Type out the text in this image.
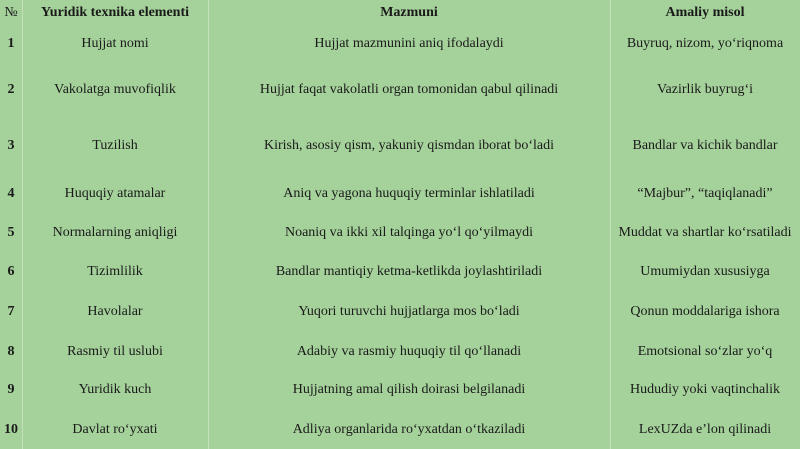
№	Yuridik texnika elementi	Mazmuni	Amaliy misol
1	Hujjat nomi	Hujjat mazmunini aniq ifodalaydi	Buyruq, nizom, yo‘riqnoma
2	Vakolatga muvofiqlik	Hujjat faqat vakolatli organ tomonidan qabul qilinadi	Vazirlik buyrug‘i
3	Tuzilish	Kirish, asosiy qism, yakuniy qismdan iborat bo‘ladi	Bandlar va kichik bandlar
4	Huquqiy atamalar	Aniq va yagona huquqiy terminlar ishlatiladi	“Majbur”, “taqiqlanadi”
5	Normalarning aniqligi	Noaniq va ikki xil talqinga yo‘l qo‘yilmaydi	Muddat va shartlar ko‘rsatiladi
6	Tizimlilik	Bandlar mantiqiy ketma-ketlikda joylashtiriladi	Umumiydan xususiyga
7	Havolalar	Yuqori turuvchi hujjatlarga mos bo‘ladi	Qonun moddalariga ishora
8	Rasmiy til uslubi	Adabiy va rasmiy huquqiy til qo‘llanadi	Emotsional so‘zlar yo‘q
9	Yuridik kuch	Hujjatning amal qilish doirasi belgilanadi	Hududiy yoki vaqtinchalik
10	Davlat ro‘yxati	Adliya organlarida ro‘yxatdan o‘tkaziladi	LexUZda e’lon qilinadi
